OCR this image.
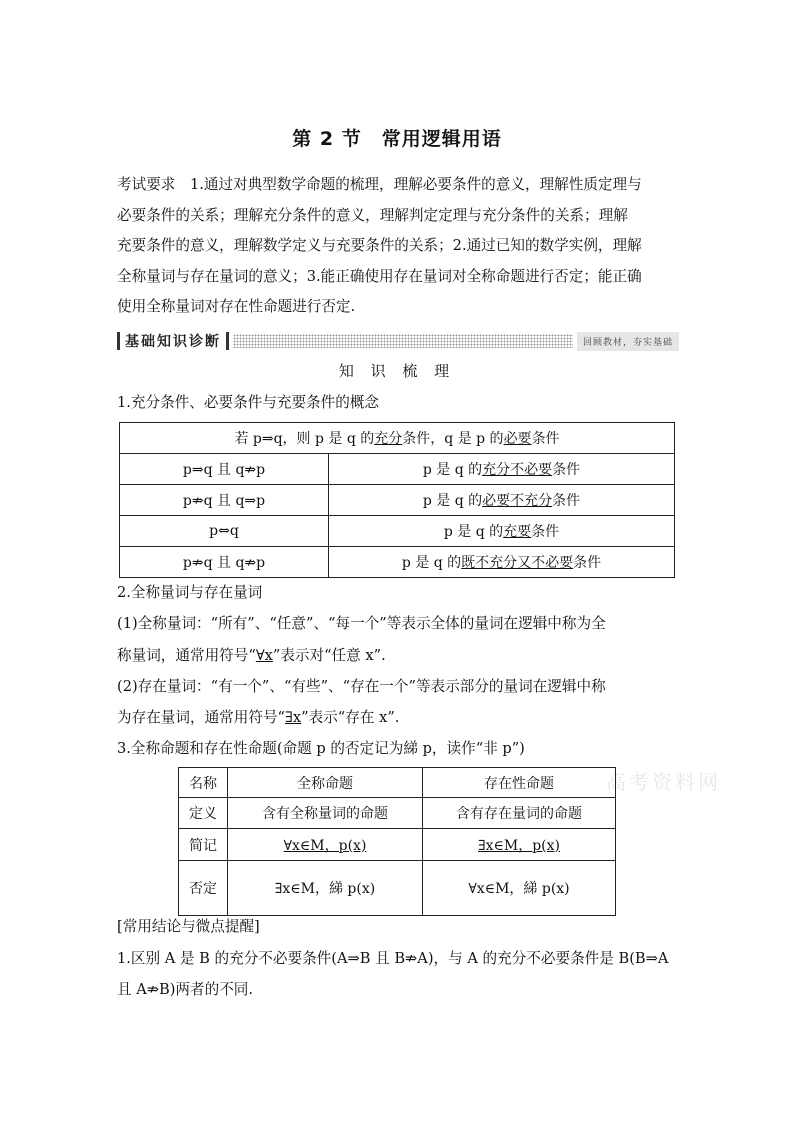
第 2 节　常用逻辑用语
考试要求　1.通过对典型数学命题的梳理，理解必要条件的意义，理解性质定理与
必要条件的关系；理解充分条件的意义，理解判定定理与充分条件的关系；理解
充要条件的意义，理解数学定义与充要条件的关系；2.通过已知的数学实例，理解
全称量词与存在量词的意义；3.能正确使用存在量词对全称命题进行否定；能正确
使用全称量词对存在性命题进行否定.
基础知识诊断	回顾教材，夯实基础
知 识 梳 理
1.充分条件、必要条件与充要条件的概念
若 p⇒q，则 p 是 q 的充分条件，q 是 p 的必要条件	
p⇒q 且 q⇏p	p 是 q 的充分不必要条件
p⇏q 且 q⇒p	p 是 q 的必要不充分条件
p⇔q	p 是 q 的充要条件
p⇏q 且 q⇏p	p 是 q 的既不充分又不必要条件
2.全称量词与存在量词
(1)全称量词：“所有”、“任意”、“每一个”等表示全体的量词在逻辑中称为全
称量词，通常用符号“∀x”表示对“任意 x”.
(2)存在量词：“有一个”、“有些”、“存在一个”等表示部分的量词在逻辑中称
为存在量词，通常用符号“∃x”表示“存在 x”.
3.全称命题和存在性命题(命题 p 的否定记为綈 p，读作“非 p”)
高考资料网
名称	全称命题	存在性命题
定义	含有全称量词的命题	含有存在量词的命题
简记	∀x∈M，p(x)	∃x∈M，p(x)
否定	∃x∈M，綈 p(x)	∀x∈M，綈 p(x)
[常用结论与微点提醒]
1.区别 A 是 B 的充分不必要条件(A⇒B 且 B⇏A)，与 A 的充分不必要条件是 B(B⇒A
且 A⇏B)两者的不同.
